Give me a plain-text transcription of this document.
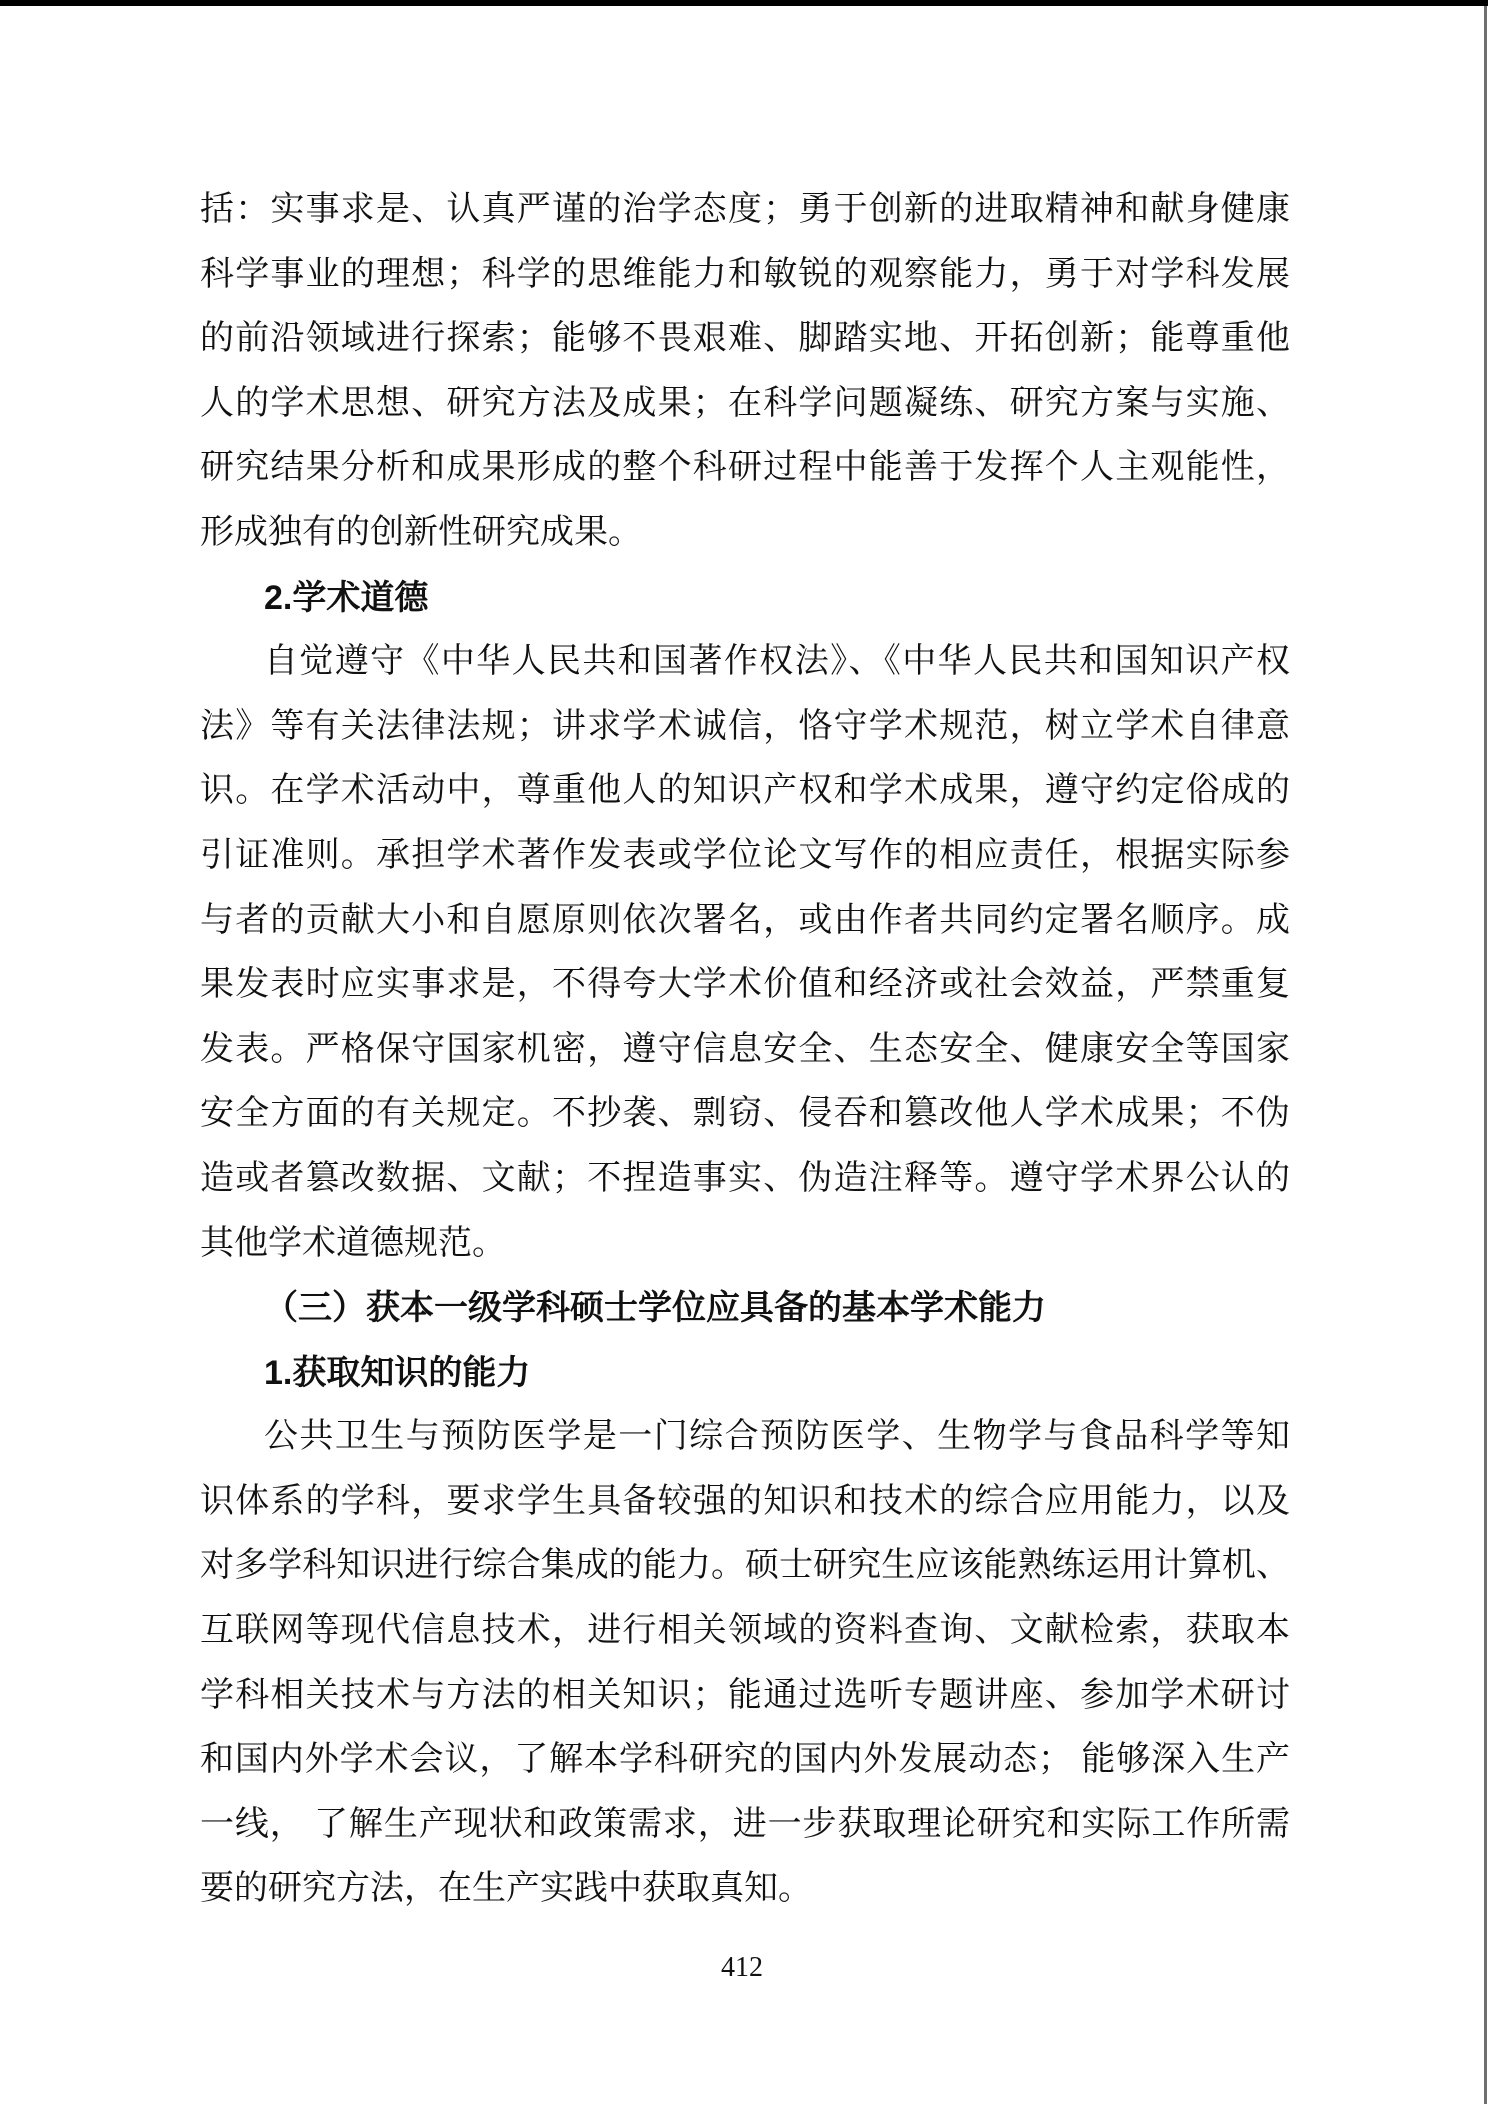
括：实事求是、认真严谨的治学态度；勇于创新的进取精神和献身健康
科学事业的理想；科学的思维能力和敏锐的观察能力，勇于对学科发展
的前沿领域进行探索；能够不畏艰难、脚踏实地、开拓创新；能尊重他
人的学术思想、研究方法及成果；在科学问题凝练、研究方案与实施、
研究结果分析和成果形成的整个科研过程中能善于发挥个人主观能性，
形成独有的创新性研究成果。
2.学术道德
自觉遵守《中华人民共和国著作权法》、《中华人民共和国知识产权
法》等有关法律法规；讲求学术诚信，恪守学术规范，树立学术自律意
识。在学术活动中，尊重他人的知识产权和学术成果，遵守约定俗成的
引证准则。承担学术著作发表或学位论文写作的相应责任，根据实际参
与者的贡献大小和自愿原则依次署名，或由作者共同约定署名顺序。成
果发表时应实事求是，不得夸大学术价值和经济或社会效益，严禁重复
发表。严格保守国家机密，遵守信息安全、生态安全、健康安全等国家
安全方面的有关规定。不抄袭、剽窃、侵吞和篡改他人学术成果；不伪
造或者篡改数据、文献；不捏造事实、伪造注释等。遵守学术界公认的
其他学术道德规范。
（三）获本一级学科硕士学位应具备的基本学术能力
1.获取知识的能力
公共卫生与预防医学是一门综合预防医学、生物学与食品科学等知
识体系的学科，要求学生具备较强的知识和技术的综合应用能力，以及
对多学科知识进行综合集成的能力。硕士研究生应该能熟练运用计算机、
互联网等现代信息技术，进行相关领域的资料查询、文献检索，获取本
学科相关技术与方法的相关知识；能通过选听专题讲座、参加学术研讨
和国内外学术会议，了解本学科研究的国内外发展动态； 能够深入生产
一线， 了解生产现状和政策需求，进一步获取理论研究和实际工作所需
要的研究方法，在生产实践中获取真知。
412
